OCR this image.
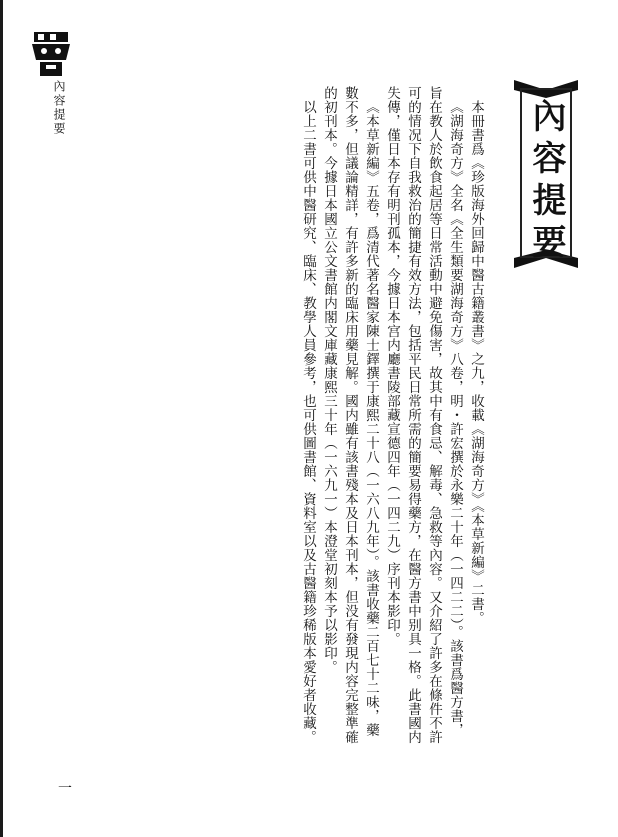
內容提要	內容提要

本冊書爲《珍版海外回歸中醫古籍叢書》之九，收載《湖海奇方》《本草新編》二書。

《湖海奇方》全名《全生類要湖海奇方》八卷，明・許宏撰於永樂二十年（一四二二）。該書爲醫方書，旨在教人於飲食起居等日常活動中避免傷害，故其中有食忌、解毒、急救等內容。又介紹了許多在條件不許可的情况下自我救治的簡捷有效方法，包括平民日常所需的簡要易得藥方，在醫方書中别具一格。此書國内失傳，僅日本存有明刊孤本，今據日本宫内廳書陵部藏宣德四年（一四二九）序刊本影印。

《本草新編》五卷，爲清代著名醫家陳士鐸撰于康熙二十八（一六八九年）。該書收藥二百七十二味，藥數不多，但議論精詳，有許多新的臨床用藥見解。國内雖有該書殘本及日本刊本，但没有發現内容完整準確的初刊本。今據日本國立公文書館内閣文庫藏康熙三十年（一六九一）本澄堂初刻本予以影印。

以上二書可供中醫研究、臨床、教學人員參考，也可供圖書館、資料室以及古醫籍珍稀版本愛好者收藏。

一
